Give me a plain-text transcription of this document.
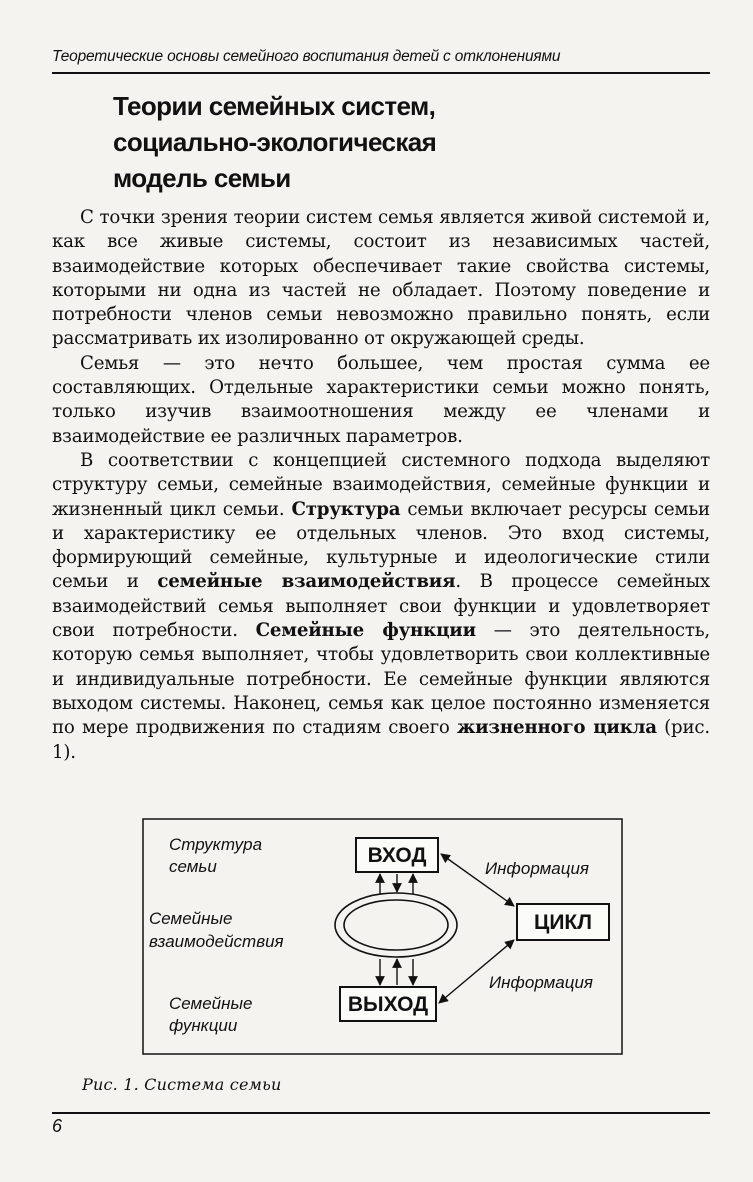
Теоретические основы семейного воспитания детей с отклонениями
Теории семейных систем,
социально-экологическая
модель семьи

С точки зрения теории систем семья является живой системой и, как все живые системы, состоит из независимых частей, взаимодействие которых обеспечивает такие свойства системы, которыми ни одна из частей не обладает. Поэтому поведение и потребности членов семьи невозможно правильно понять, если рассматривать их изолированно от окружающей среды.

Семья — это нечто большее, чем простая сумма ее составляющих. Отдельные характеристики семьи можно понять, только изучив взаимоотношения между ее членами и взаимодействие ее различных параметров.

В соответствии с концепцией системного подхода выделяют структуру семьи, семейные взаимодействия, семейные функции и жизненный цикл семьи. Структура семьи включает ресурсы семьи и характеристику ее отдельных членов. Это вход системы, формирующий семейные, культурные и идеологические стили семьи и семейные взаимодействия. В процессе семейных взаимодействий семья выполняет свои функции и удовлетворяет свои потребности. Семейные функции — это деятельность, которую семья выполняет, чтобы удовлетворить свои коллективные и индивидуальные потребности. Ее семейные функции являются выходом системы. Наконец, семья как целое постоянно изменяется по мере продвижения по стадиям своего жизненного цикла (рис. 1).

Структура
семьи
Семейные
взаимодействия
Семейные
функции
ВХОД
ЦИКЛ
ВЫХОД
Информация
Информация
Рис. 1. Система семьи
6
